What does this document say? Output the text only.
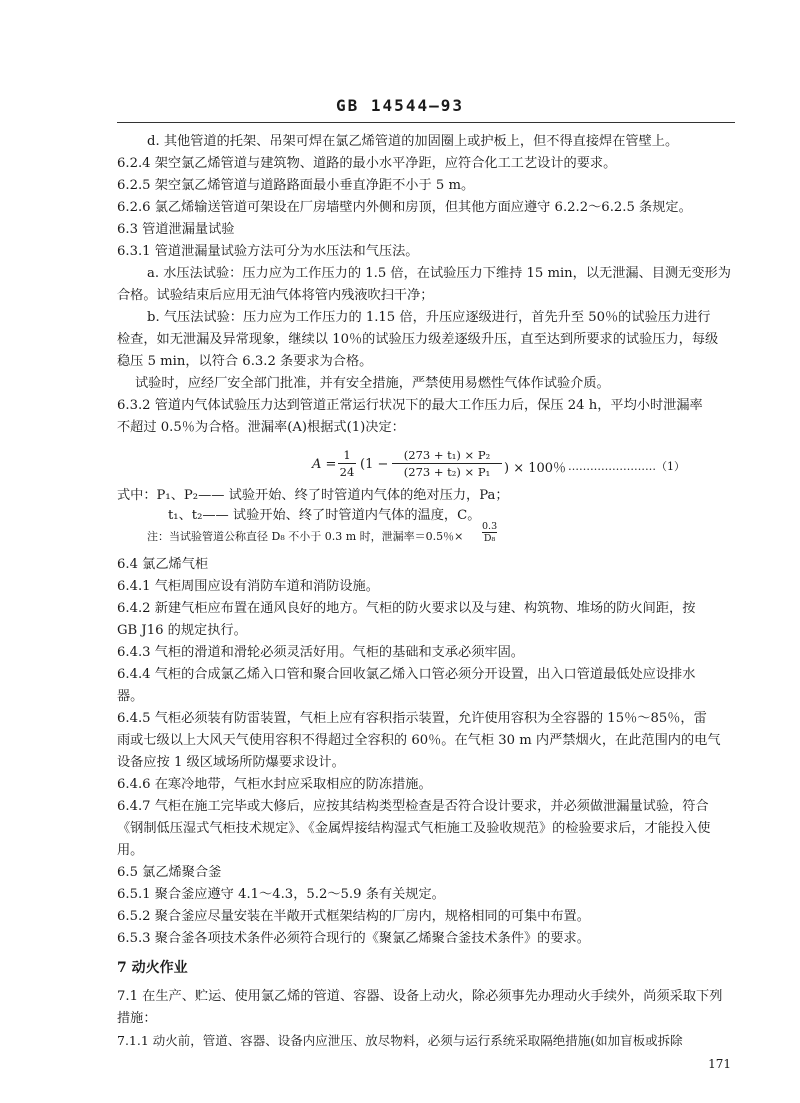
GB 14544—93
d. 其他管道的托架、吊架可焊在氯乙烯管道的加固圈上或护板上，但不得直接焊在管壁上。
6.2.4 架空氯乙烯管道与建筑物、道路的最小水平净距，应符合化工工艺设计的要求。
6.2.5 架空氯乙烯管道与道路路面最小垂直净距不小于 5 m。
6.2.6 氯乙烯输送管道可架设在厂房墙壁内外侧和房顶，但其他方面应遵守 6.2.2～6.2.5 条规定。
6.3 管道泄漏量试验
6.3.1 管道泄漏量试验方法可分为水压法和气压法。
a. 水压法试验：压力应为工作压力的 1.5 倍，在试验压力下维持 15 min，以无泄漏、目测无变形为
合格。试验结束后应用无油气体将管内残液吹扫干净；
b. 气压法试验：压力应为工作压力的 1.15 倍，升压应逐级进行，首先升至 50％的试验压力进行
检查，如无泄漏及异常现象，继续以 10％的试验压力级差逐级升压，直至达到所要求的试验压力，每级
稳压 5 min，以符合 6.3.2 条要求为合格。
试验时，应经厂安全部门批准，并有安全措施，严禁使用易燃性气体作试验介质。
6.3.2 管道内气体试验压力达到管道正常运行状况下的最大工作压力后，保压 24 h，平均小时泄漏率
不超过 0.5％为合格。泄漏率(A)根据式(1)决定：
$A = \frac{1}{24} (1 - \frac{\text{(273 + t₁) × P₂}}{\text{(273 + t₂) × P₁}}$ ) × 100％ ……………………（1）
式中：P₁、P₂—— 试验开始、终了时管道内气体的绝对压力，Pa；
t₁、t₂—— 试验开始、终了时管道内气体的温度，C。
注：当试验管道公称直径 D₈ 不小于 0.3 m 时，泄漏率＝0.5％×
0.3
D₈
6.4 氯乙烯气柜
6.4.1 气柜周围应设有消防车道和消防设施。
6.4.2 新建气柜应布置在通风良好的地方。气柜的防火要求以及与建、构筑物、堆场的防火间距，按
GB J16 的规定执行。
6.4.3 气柜的滑道和滑轮必须灵活好用。气柜的基础和支承必须牢固。
6.4.4 气柜的合成氯乙烯入口管和聚合回收氯乙烯入口管必须分开设置，出入口管道最低处应设排水
器。
6.4.5 气柜必须装有防雷装置，气柜上应有容积指示装置，允许使用容积为全容器的 15％～85％，雷
雨或七级以上大风天气使用容积不得超过全容积的 60％。在气柜 30 m 内严禁烟火，在此范围内的电气
设备应按 1 级区域场所防爆要求设计。
6.4.6 在寒冷地带，气柜水封应采取相应的防冻措施。
6.4.7 气柜在施工完毕或大修后，应按其结构类型检查是否符合设计要求，并必须做泄漏量试验，符合
《钢制低压湿式气柜技术规定》、《金属焊接结构湿式气柜施工及验收规范》的检验要求后，才能投入使
用。
6.5 氯乙烯聚合釜
6.5.1 聚合釜应遵守 4.1～4.3，5.2～5.9 条有关规定。
6.5.2 聚合釜应尽量安装在半敞开式框架结构的厂房内，规格相同的可集中布置。
6.5.3 聚合釜各项技术条件必须符合现行的《聚氯乙烯聚合釜技术条件》的要求。
7 动火作业
7.1 在生产、贮运、使用氯乙烯的管道、容器、设备上动火，除必须事先办理动火手续外，尚须采取下列
措施：
7.1.1 动火前，管道、容器、设备内应泄压、放尽物料，必须与运行系统采取隔绝措施(如加盲板或拆除
171
